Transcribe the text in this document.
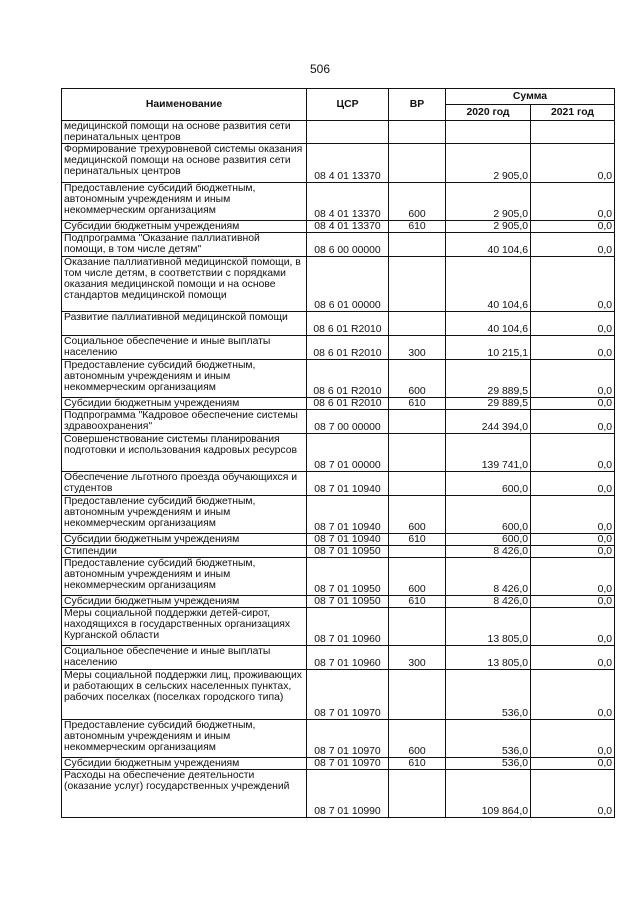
506
Наименование	ЦСР	ВР	Сумма	
			2020 год	2021 год
медицинской помощи на основе развития сети перинатальных центров				
Формирование трехуровневой системы оказания медицинской помощи на основе развития сети перинатальных центров	08 4 01 13370		2 905,0	0,0
Предоставление субсидий бюджетным, автономным учреждениям и иным некоммерческим организациям	08 4 01 13370	600	2 905,0	0,0
Субсидии бюджетным учреждениям	08 4 01 13370	610	2 905,0	0,0
Подпрограмма "Оказание паллиативной помощи, в том числе детям"	08 6 00 00000		40 104,6	0,0
Оказание паллиативной медицинской помощи, в том числе детям, в соответствии с порядками оказания медицинской помощи и на основе стандартов медицинской помощи	08 6 01 00000		40 104,6	0,0
Развитие паллиативной медицинской помощи	08 6 01 R2010		40 104,6	0,0
Социальное обеспечение и иные выплаты населению	08 6 01 R2010	300	10 215,1	0,0
Предоставление субсидий бюджетным, автономным учреждениям и иным некоммерческим организациям	08 6 01 R2010	600	29 889,5	0,0
Субсидии бюджетным учреждениям	08 6 01 R2010	610	29 889,5	0,0
Подпрограмма "Кадровое обеспечение системы здравоохранения"	08 7 00 00000		244 394,0	0,0
Совершенствование системы планирования подготовки и использования кадровых ресурсов	08 7 01 00000		139 741,0	0,0
Обеспечение льготного проезда обучающихся и студентов	08 7 01 10940		600,0	0,0
Предоставление субсидий бюджетным, автономным учреждениям и иным некоммерческим организациям	08 7 01 10940	600	600,0	0,0
Субсидии бюджетным учреждениям	08 7 01 10940	610	600,0	0,0
Стипендии	08 7 01 10950		8 426,0	0,0
Предоставление субсидий бюджетным, автономным учреждениям и иным некоммерческим организациям	08 7 01 10950	600	8 426,0	0,0
Субсидии бюджетным учреждениям	08 7 01 10950	610	8 426,0	0,0
Меры социальной поддержки детей-сирот, находящихся в государственных организациях Курганской области	08 7 01 10960		13 805,0	0,0
Социальное обеспечение и иные выплаты населению	08 7 01 10960	300	13 805,0	0,0
Меры социальной поддержки лиц, проживающих и работающих в сельских населенных пунктах, рабочих поселках (поселках городского типа)	08 7 01 10970		536,0	0,0
Предоставление субсидий бюджетным, автономным учреждениям и иным некоммерческим организациям	08 7 01 10970	600	536,0	0,0
Субсидии бюджетным учреждениям	08 7 01 10970	610	536,0	0,0
Расходы на обеспечение деятельности (оказание услуг) государственных учреждений	08 7 01 10990		109 864,0	0,0
